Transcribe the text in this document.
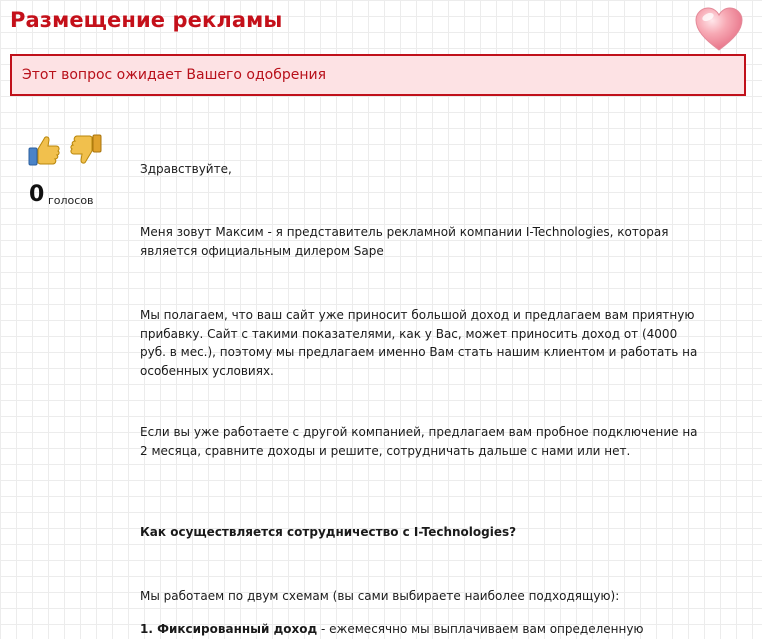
Размещение рекламы
Этот вопрос ожидает Вашего одобрения
0 голосов

Здравствуйте,

Меня зовут Максим - я представитель рекламной компании I-Technologies, которая является официальным дилером Sape

Мы полагаем, что ваш сайт уже приносит большой доход и предлагаем вам приятную прибавку. Сайт с такими показателями, как у Вас, может приносить доход от (4000 руб. в мес.), поэтому мы предлагаем именно Вам стать нашим клиентом и работать на особенных условиях.

Если вы уже работаете с другой компанией, предлагаем вам пробное подключение на 2 месяца, сравните доходы и решите, сотрудничать дальше с нами или нет.

Как осуществляется сотрудничество с I-Technologies?

Мы работаем по двум схемам (вы сами выбираете наиболее подходящую):

1. Фиксированный доход - ежемесячно мы выплачиваем вам определенную
